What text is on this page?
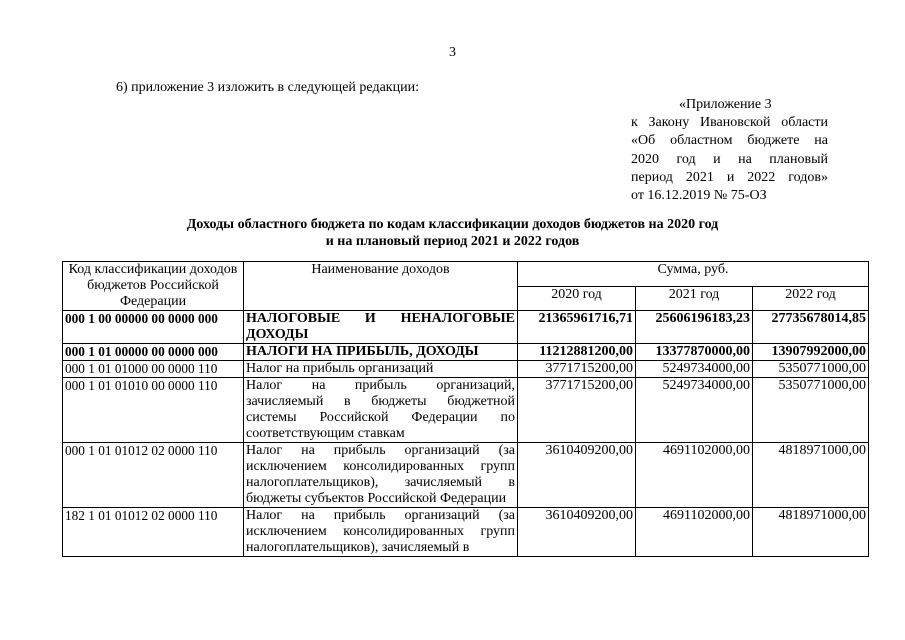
3
6) приложение 3 изложить в следующей редакции:
«Приложение 3
к Закону Ивановской области
«Об областном бюджете на
2020 год и на плановый
период 2021 и 2022 годов»
от 16.12.2019 № 75-ОЗ
Доходы областного бюджета по кодам классификации доходов бюджетов на 2020 год
и на плановый период 2021 и 2022 годов
Код классификации доходов бюджетов Российской Федерации	Наименование доходов	Сумма, руб.		
		2020 год	2021 год	2022 год
000 1 00 00000 00 0000 000	НАЛОГОВЫЕ И НЕНАЛОГОВЫЕ ДОХОДЫ	21365961716,71	25606196183,23	27735678014,85
000 1 01 00000 00 0000 000	НАЛОГИ НА ПРИБЫЛЬ, ДОХОДЫ	11212881200,00	13377870000,00	13907992000,00
000 1 01 01000 00 0000 110	Налог на прибыль организаций	3771715200,00	5249734000,00	5350771000,00
000 1 01 01010 00 0000 110	Налог на прибыль организаций, зачисляемый в бюджеты бюджетной системы Российской Федерации по соответствующим ставкам	3771715200,00	5249734000,00	5350771000,00
000 1 01 01012 02 0000 110	Налог на прибыль организаций (за исключением консолидированных групп налогоплательщиков), зачисляемый в бюджеты субъектов Российской Федерации	3610409200,00	4691102000,00	4818971000,00
182 1 01 01012 02 0000 110	Налог на прибыль организаций (за исключением консолидированных групп налогоплательщиков), зачисляемый в	3610409200,00	4691102000,00	4818971000,00
